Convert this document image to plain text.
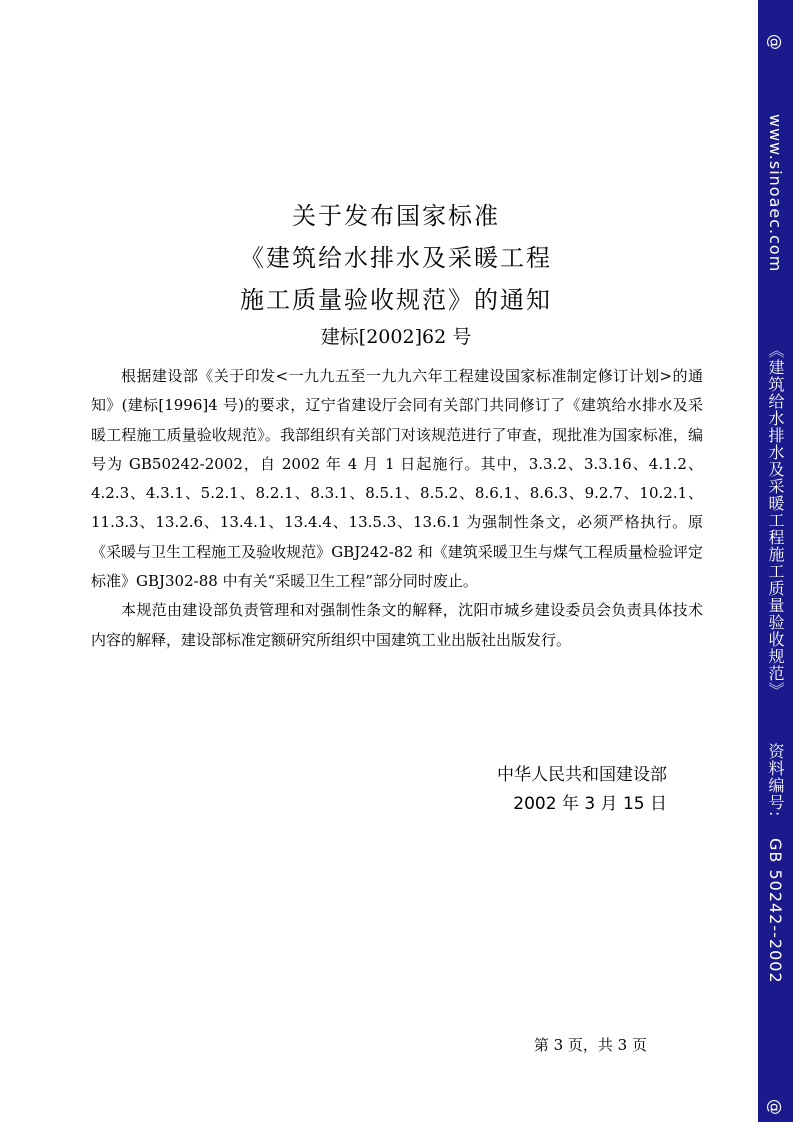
关于发布国家标准
《建筑给水排水及采暖工程
施工质量验收规范》的通知
建标[2002]62 号

根据建设部《关于印发<一九九五至一九九六年工程建设国家标准制定修订计划>的通知》(建标[1996]4 号)的要求，辽宁省建设厅会同有关部门共同修订了《建筑给水排水及采暖工程施工质量验收规范》。我部组织有关部门对该规范进行了审查，现批准为国家标准，编号为 GB50242-2002，自 2002 年 4 月 1 日起施行。其中，3.3.2、3.3.16、4.1.2、4.2.3、4.3.1、5.2.1、8.2.1、8.3.1、8.5.1、8.5.2、8.6.1、8.6.3、9.2.7、10.2.1、11.3.3、13.2.6、13.4.1、13.4.4、13.5.3、13.6.1 为强制性条文，必须严格执行。原《采暖与卫生工程施工及验收规范》GBJ242-82 和《建筑采暖卫生与煤气工程质量检验评定标准》GBJ302-88 中有关“采暖卫生工程”部分同时废止。

本规范由建设部负责管理和对强制性条文的解释，沈阳市城乡建设委员会负责具体技术内容的解释，建设部标准定额研究所组织中国建筑工业出版社出版发行。

中华人民共和国建设部
2002 年 3 月 15 日
第 3 页，共 3 页
@
www.sinoaec.com
《建筑给水排水及采暖工程施工质量验收规范》
资料编号:
GB 50242--2002
@
